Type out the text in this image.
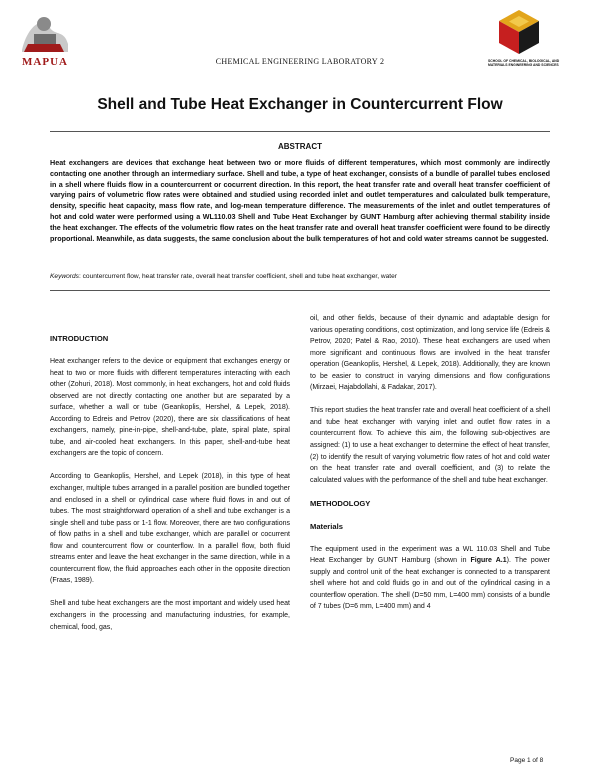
MAPUA	CHEMICAL ENGINEERING LABORATORY 2	SCHOOL OF CHEMICAL, BIOLOGICAL, AND
MATERIALS ENGINEERING AND SCIENCES
Shell and Tube Heat Exchanger in Countercurrent Flow
ABSTRACT

Heat exchangers are devices that exchange heat between two or more fluids of different temperatures, which most commonly are indirectly contacting one another through an intermediary surface. Shell and tube, a type of heat exchanger, consists of a bundle of parallel tubes enclosed in a shell where fluids flow in a countercurrent or cocurrent direction. In this report, the heat transfer rate and overall heat transfer coefficient of varying pairs of volumetric flow rates were obtained and studied using recorded inlet and outlet temperatures and calculated bulk temperature, density, specific heat capacity, mass flow rate, and log-mean temperature difference. The measurements of the inlet and outlet temperatures of hot and cold water were performed using a WL110.03 Shell and Tube Heat Exchanger by GUNT Hamburg after achieving thermal stability inside the heat exchanger. The effects of the volumetric flow rates on the heat transfer rate and overall heat transfer coefficient were found to be directly proportional. Meanwhile, as data suggests, the same conclusion about the bulk temperatures of hot and cold water streams cannot be suggested.

Keywords: countercurrent flow, heat transfer rate, overall heat transfer coefficient, shell and tube heat exchanger, water

INTRODUCTION

Heat exchanger refers to the device or equipment that exchanges energy or heat to two or more fluids with different temperatures interacting with each other (Zohuri, 2018). Most commonly, in heat exchangers, hot and cold fluids observed are not directly contacting one another but are separated by a surface, whether a wall or tube (Geankoplis, Hershel, & Lepek, 2018). According to Edreis and Petrov (2020), there are six classifications of heat exchangers, namely, pine-in-pipe, shell-and-tube, plate, spiral plate, spiral tube, and air-cooled heat exchangers. In this paper, shell-and-tube heat exchangers are the topic of concern.

According to Geankoplis, Hershel, and Lepek (2018), in this type of heat exchanger, multiple tubes arranged in a parallel position are bundled together and enclosed in a shell or cylindrical case where fluid flows in and out of tubes. The most straightforward operation of a shell and tube exchanger is a single shell and tube pass or 1-1 flow. Moreover, there are two configurations of flow paths in a shell and tube exchanger, which are parallel or cocurrent flow and countercurrent flow or counterflow. In a parallel flow, both fluid streams enter and leave the heat exchanger in the same direction, while in a countercurrent flow, the fluid approaches each other in the opposite direction (Fraas, 1989).

Shell and tube heat exchangers are the most important and widely used heat exchangers in the processing and manufacturing industries, for example, chemical, food, gas,

oil, and other fields, because of their dynamic and adaptable design for various operating conditions, cost optimization, and long service life (Edreis & Petrov, 2020; Patel & Rao, 2010). These heat exchangers are used when more significant and continuous flows are involved in the heat transfer operation (Geankoplis, Hershel, & Lepek, 2018). Additionally, they are known to be easier to construct in varying dimensions and flow configurations (Mirzaei, Hajabdollahi, & Fadakar, 2017).

This report studies the heat transfer rate and overall heat coefficient of a shell and tube heat exchanger with varying inlet and outlet flow rates in a countercurrent flow. To achieve this aim, the following sub-objectives are assigned: (1) to use a heat exchanger to determine the effect of heat transfer, (2) to identify the result of varying volumetric flow rates of hot and cold water on the heat transfer rate and overall coefficient, and (3) to relate the calculated values with the performance of the shell and tube heat exchanger.

METHODOLOGY

Materials

The equipment used in the experiment was a WL 110.03 Shell and Tube Heat Exchanger by GUNT Hamburg (shown in Figure A.1). The power supply and control unit of the heat exchanger is connected to a transparent shell where hot and cold fluids go in and out of the cylindrical casing in a counterflow operation. The shell (D=50 mm, L=400 mm) consists of a bundle of 7 tubes (D=6 mm, L=400 mm) and 4

Page 1 of 8
